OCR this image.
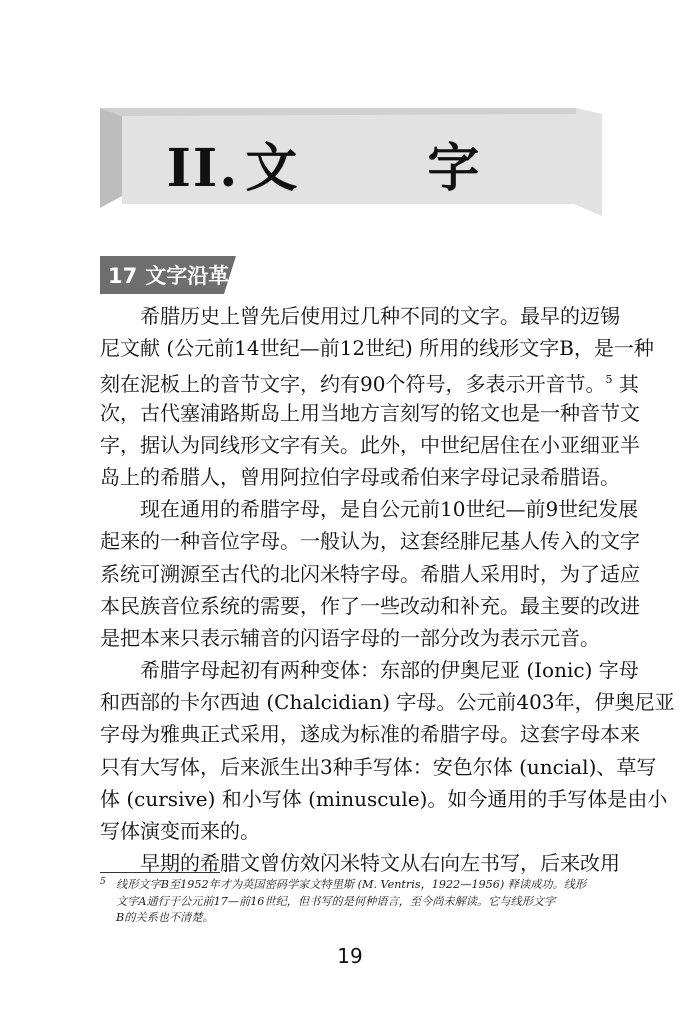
II. 文 字
17 文字沿革
希腊历史上曾先后使用过几种不同的文字。最早的迈锡
尼文献 (公元前14世纪—前12世纪) 所用的线形文字B，是一种
刻在泥板上的音节文字，约有90个符号，多表示开音节。$^5$ 其
次，古代塞浦路斯岛上用当地方言刻写的铭文也是一种音节文
字，据认为同线形文字有关。此外，中世纪居住在小亚细亚半
岛上的希腊人，曾用阿拉伯字母或希伯来字母记录希腊语。
现在通用的希腊字母，是自公元前10世纪—前9世纪发展
起来的一种音位字母。一般认为，这套经腓尼基人传入的文字
系统可溯源至古代的北闪米特字母。希腊人采用时，为了适应
本民族音位系统的需要，作了一些改动和补充。最主要的改进
是把本来只表示辅音的闪语字母的一部分改为表示元音。
希腊字母起初有两种变体：东部的伊奥尼亚 (Ionic) 字母
和西部的卡尔西迪 (Chalcidian) 字母。公元前403年，伊奥尼亚
字母为雅典正式采用，遂成为标准的希腊字母。这套字母本来
只有大写体，后来派生出3种手写体：安色尔体 (uncial)、草写
体 (cursive) 和小写体 (minuscule)。如今通用的手写体是由小
写体演变而来的。
早期的希腊文曾仿效闪米特文从右向左书写，后来改用
5 线形文字B至1952年才为英国密码学家文特里斯 (M. Ventris，1922—1956) 释读成功。线形
文字A通行于公元前17—前16世纪，但书写的是何种语言，至今尚未解读。它与线形文字
B的关系也不清楚。
19
